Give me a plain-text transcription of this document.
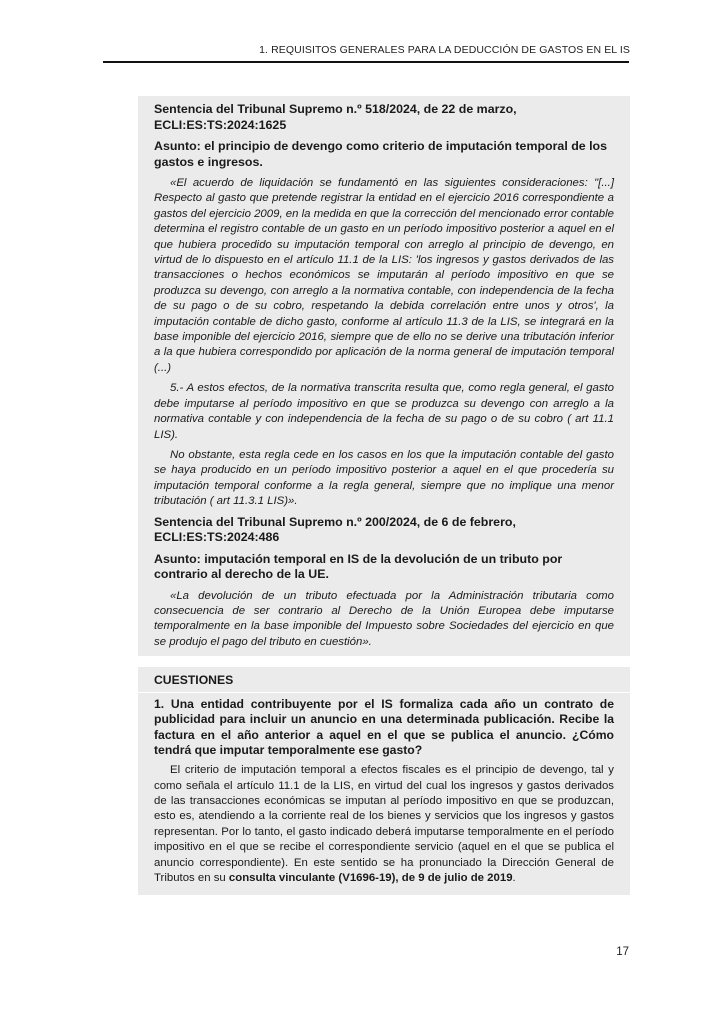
1. REQUISITOS GENERALES PARA LA DEDUCCIÓN DE GASTOS EN EL IS

Sentencia del Tribunal Supremo n.º 518/2024, de 22 de marzo, ECLI:ES:TS:2024:1625

Asunto: el principio de devengo como criterio de imputación temporal de los gastos e ingresos.

«El acuerdo de liquidación se fundamentó en las siguientes consideraciones: "[...] Respecto al gasto que pretende registrar la entidad en el ejercicio 2016 correspondiente a gastos del ejercicio 2009, en la medida en que la corrección del mencionado error contable determina el registro contable de un gasto en un período impositivo posterior a aquel en el que hubiera procedido su imputación temporal con arreglo al principio de devengo, en virtud de lo dispuesto en el artículo 11.1 de la LIS: 'los ingresos y gastos derivados de las transacciones o hechos económicos se imputarán al período impositivo en que se produzca su devengo, con arreglo a la normativa contable, con independencia de la fecha de su pago o de su cobro, respetando la debida correlación entre unos y otros', la imputación contable de dicho gasto, conforme al artículo 11.3 de la LIS, se integrará en la base imponible del ejercicio 2016, siempre que de ello no se derive una tributación inferior a la que hubiera correspondido por aplicación de la norma general de imputación temporal (...)

5.- A estos efectos, de la normativa transcrita resulta que, como regla general, el gasto debe imputarse al período impositivo en que se produzca su devengo con arreglo a la normativa contable y con independencia de la fecha de su pago o de su cobro ( art 11.1 LIS).

No obstante, esta regla cede en los casos en los que la imputación contable del gasto se haya producido en un período impositivo posterior a aquel en el que procedería su imputación temporal conforme a la regla general, siempre que no implique una menor tributación ( art 11.3.1 LIS)».

Sentencia del Tribunal Supremo n.º 200/2024, de 6 de febrero, ECLI:ES:TS:2024:486

Asunto: imputación temporal en IS de la devolución de un tributo por contrario al derecho de la UE.

«La devolución de un tributo efectuada por la Administración tributaria como consecuencia de ser contrario al Derecho de la Unión Europea debe imputarse temporalmente en la base imponible del Impuesto sobre Sociedades del ejercicio en que se produjo el pago del tributo en cuestión».

CUESTIONES

1. Una entidad contribuyente por el IS formaliza cada año un contrato de publicidad para incluir un anuncio en una determinada publicación. Recibe la factura en el año anterior a aquel en el que se publica el anuncio. ¿Cómo tendrá que imputar temporalmente ese gasto?

El criterio de imputación temporal a efectos fiscales es el principio de devengo, tal y como señala el artículo 11.1 de la LIS, en virtud del cual los ingresos y gastos derivados de las transacciones económicas se imputan al período impositivo en que se produzcan, esto es, atendiendo a la corriente real de los bienes y servicios que los ingresos y gastos representan. Por lo tanto, el gasto indicado deberá imputarse temporalmente en el período impositivo en el que se recibe el correspondiente servicio (aquel en el que se publica el anuncio correspondiente). En este sentido se ha pronunciado la Dirección General de Tributos en su consulta vinculante (V1696-19), de 9 de julio de 2019.

17
